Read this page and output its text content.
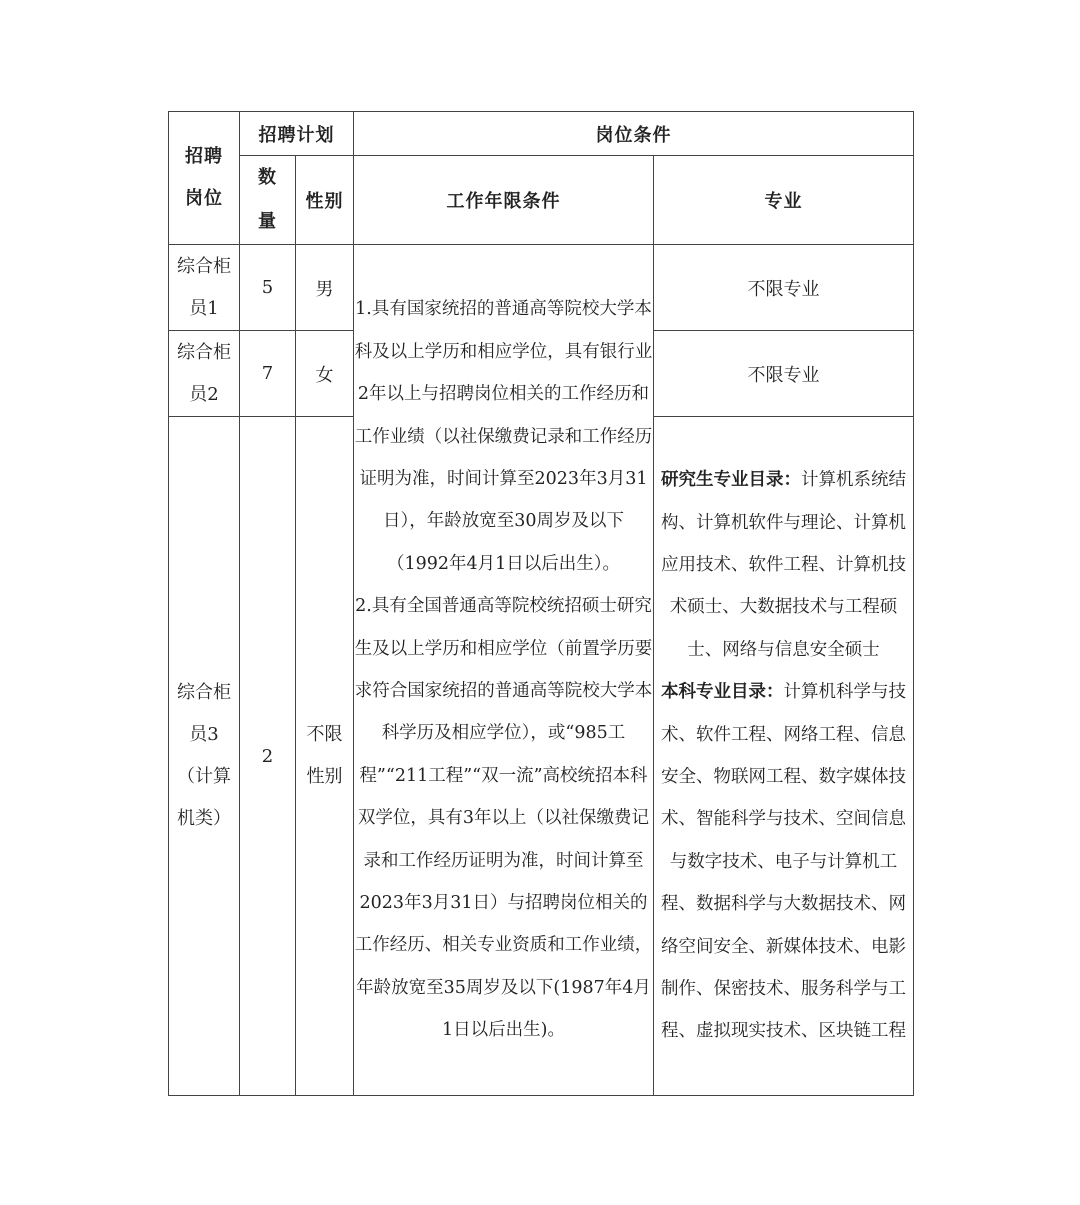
招聘岗位	招聘计划		岗位条件	
	数量	性别	工作年限条件	专业
综合柜员1	5	男	1.具有国家统招的普通高等院校大学本科及以上学历和相应学位，具有银行业2年以上与招聘岗位相关的工作经历和工作业绩（以社保缴费记录和工作经历证明为准，时间计算至2023年3月31日），年龄放宽至30周岁及以下（1992年4月1日以后出生）。

2.具有全国普通高等院校统招硕士研究生及以上学历和相应学位（前置学历要求符合国家统招的普通高等院校大学本科学历及相应学位），或“985工程”“211工程”“双一流”高校统招本科双学位，具有3年以上（以社保缴费记录和工作经历证明为准，时间计算至2023年3月31日）与招聘岗位相关的工作经历、相关专业资质和工作业绩，年龄放宽至35周岁及以下(1987年4月1日以后出生)。	不限专业
综合柜员2	7	女		不限专业
综合柜员3（计算机类）	2	不限性别		研究生专业目录：计算机系统结构、计算机软件与理论、计算机应用技术、软件工程、计算机技术硕士、大数据技术与工程硕士、网络与信息安全硕士

本科专业目录：计算机科学与技术、软件工程、网络工程、信息安全、物联网工程、数字媒体技术、智能科学与技术、空间信息与数字技术、电子与计算机工程、数据科学与大数据技术、网络空间安全、新媒体技术、电影制作、保密技术、服务科学与工程、虚拟现实技术、区块链工程
